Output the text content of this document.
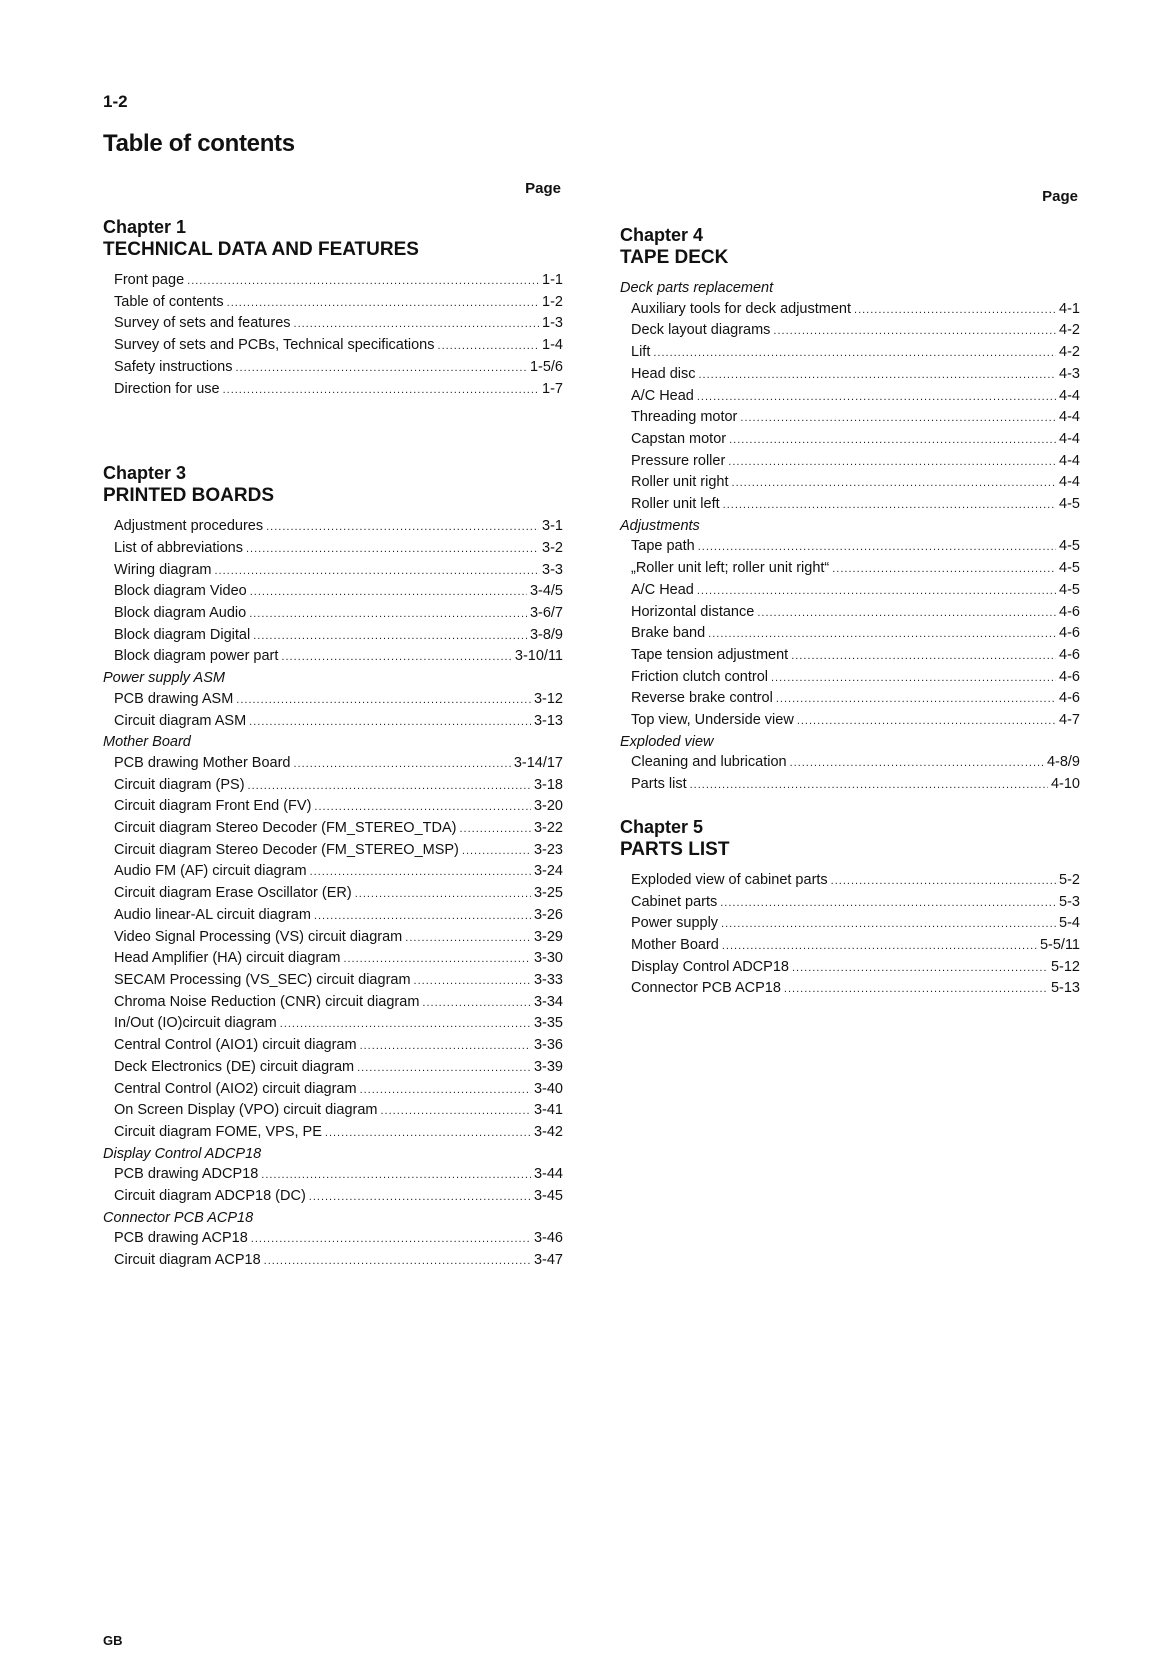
1-2
Table of contents
Page
Chapter 1
TECHNICAL DATA AND FEATURES
Front page .....	1-1
Table of contents .....	1-2
Survey of sets and features .....	1-3
Survey of sets and PCBs, Technical specifications .....	1-4
Safety instructions .....	1-5/6
Direction for use .....	1-7
Chapter 3
PRINTED BOARDS
Adjustment procedures .....	3-1
List of abbreviations .....	3-2
Wiring diagram .....	3-3
Block diagram Video .....	3-4/5
Block diagram Audio .....	3-6/7
Block diagram Digital .....	3-8/9
Block diagram power part .....	3-10/11
Power supply ASM
PCB drawing ASM .....	3-12
Circuit diagram ASM .....	3-13
Mother Board
PCB drawing Mother Board .....	3-14/17
Circuit diagram (PS) .....	3-18
Circuit diagram Front End (FV) .....	3-20
Circuit diagram Stereo Decoder (FM_STEREO_TDA) .....	3-22
Circuit diagram Stereo Decoder (FM_STEREO_MSP) .....	3-23
Audio FM (AF) circuit diagram .....	3-24
Circuit diagram Erase Oscillator (ER) .....	3-25
Audio linear-AL circuit diagram .....	3-26
Video Signal Processing (VS) circuit diagram .....	3-29
Head Amplifier (HA) circuit diagram .....	3-30
SECAM Processing (VS_SEC) circuit diagram .....	3-33
Chroma Noise Reduction (CNR) circuit diagram .....	3-34
In/Out (IO)circuit diagram .....	3-35
Central Control (AIO1) circuit diagram .....	3-36
Deck Electronics (DE) circuit diagram .....	3-39
Central Control (AIO2) circuit diagram .....	3-40
On Screen Display (VPO) circuit diagram .....	3-41
Circuit diagram FOME, VPS, PE .....	3-42
Display Control ADCP18
PCB drawing ADCP18 .....	3-44
Circuit diagram ADCP18 (DC) .....	3-45
Connector PCB ACP18
PCB drawing ACP18 .....	3-46
Circuit diagram ACP18 .....	3-47
Page
Chapter 4
TAPE DECK
Deck parts replacement
Auxiliary tools for deck adjustment .....	4-1
Deck layout diagrams .....	4-2
Lift .....	4-2
Head disc .....	4-3
A/C Head .....	4-4
Threading motor .....	4-4
Capstan motor .....	4-4
Pressure roller .....	4-4
Roller unit right .....	4-4
Roller unit left .....	4-5
Adjustments
Tape path .....	4-5
„Roller unit left; roller unit right“ .....	4-5
A/C Head .....	4-5
Horizontal distance .....	4-6
Brake band .....	4-6
Tape tension adjustment .....	4-6
Friction clutch control .....	4-6
Reverse brake control .....	4-6
Top view, Underside view .....	4-7
Exploded view
Cleaning and lubrication .....	4-8/9
Parts list .....	4-10
Chapter 5
PARTS LIST
Exploded view of cabinet parts .....	5-2
Cabinet parts .....	5-3
Power supply .....	5-4
Mother Board .....	5-5/11
Display Control ADCP18 .....	5-12
Connector PCB ACP18 .....	5-13
GB
